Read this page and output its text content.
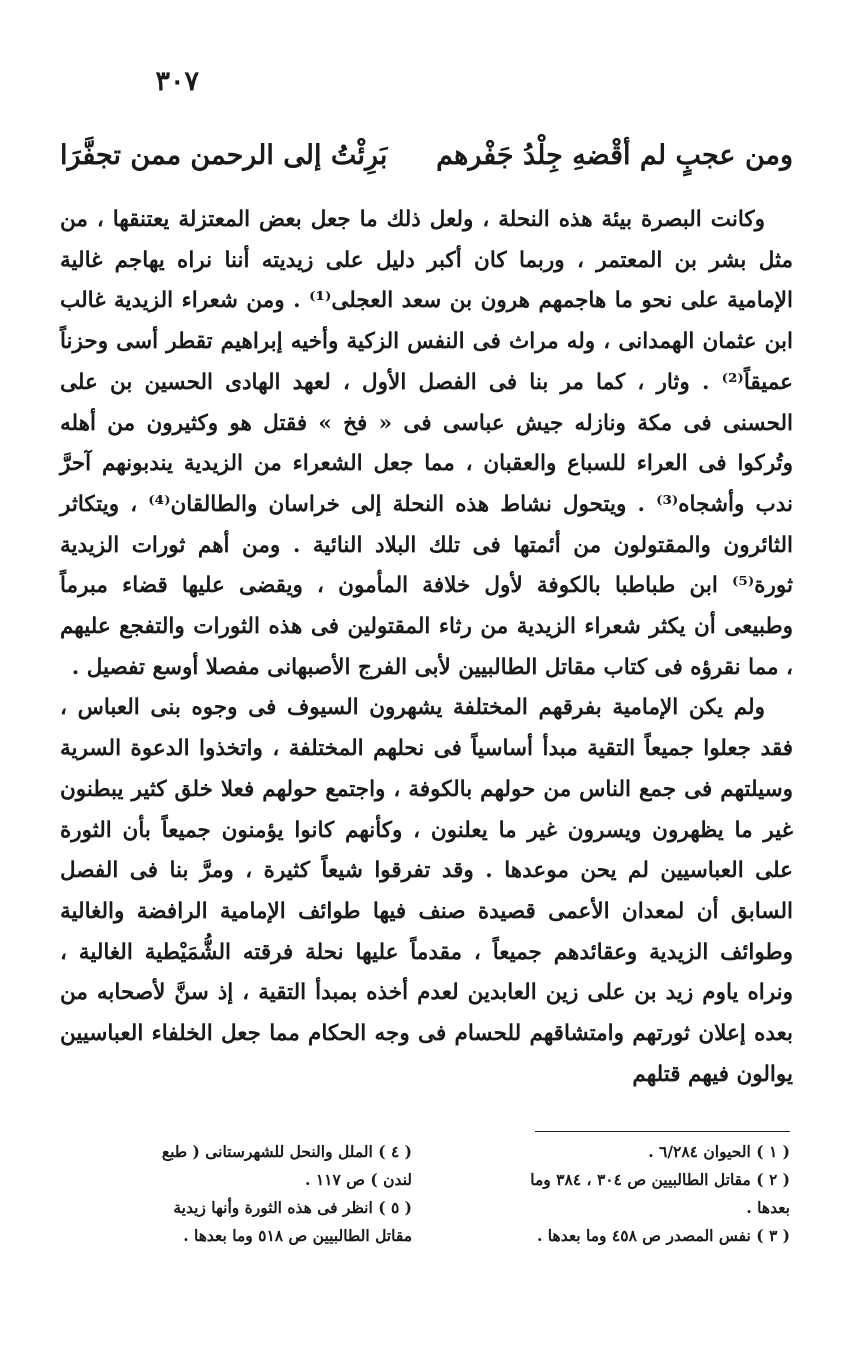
٣٠٧
ومن عجبٍ لم أقْضهِ جِلْدُ جَفْرهم
بَرِئْتُ إلى الرحمن ممن تجفَّرَا

وكانت البصرة بيئة هذه النحلة ، ولعل ذلك ما جعل بعض المعتزلة يعتنقها ، من مثل بشر بن المعتمر ، وربما كان أكبر دليل على زيديته أننا نراه يهاجم غالية الإمامية على نحو ما هاجمهم هرون بن سعد العجلى⁽¹⁾ . ومن شعراء الزيدية غالب ابن عثمان الهمدانى ، وله مراث فى النفس الزكية وأخيه إبراهيم تقطر أسى وحزناً عميقاً⁽²⁾ . وثار ، كما مر بنا فى الفصل الأول ، لعهد الهادى الحسين بن على الحسنى فى مكة ونازله جيش عباسى فى « فخ » فقتل هو وكثيرون من أهله وتُركوا فى العراء للسباع والعقبان ، مما جعل الشعراء من الزيدية يندبونهم آحرَّ ندب وأشجاه⁽³⁾ . ويتحول نشاط هذه النحلة إلى خراسان والطالقان⁽⁴⁾ ، ويتكاثر الثائرون والمقتولون من أئمتها فى تلك البلاد النائية . ومن أهم ثورات الزيدية ثورة⁽⁵⁾ ابن طباطبا بالكوفة لأول خلافة المأمون ، ويقضى عليها قضاء مبرماً وطبيعى أن يكثر شعراء الزيدية من رثاء المقتولين فى هذه الثورات والتفجع عليهم ، مما نقرؤه فى كتاب مقاتل الطالبيين لأبى الفرج الأصبهانى مفصلا أوسع تفصيل .

ولم يكن الإمامية بفرقهم المختلفة يشهرون السيوف فى وجوه بنى العباس ، فقد جعلوا جميعاً التقية مبدأ أساسياً فى نحلهم المختلفة ، واتخذوا الدعوة السرية وسيلتهم فى جمع الناس من حولهم بالكوفة ، واجتمع حولهم فعلا خلق كثير يبطنون غير ما يظهرون ويسرون غير ما يعلنون ، وكأنهم كانوا يؤمنون جميعاً بأن الثورة على العباسيين لم يحن موعدها . وقد تفرقوا شيعاً كثيرة ، ومرَّ بنا فى الفصل السابق أن لمعدان الأعمى قصيدة صنف فيها طوائف الإمامية الرافضة والغالية وطوائف الزيدية وعقائدهم جميعاً ، مقدماً عليها نحلة فرقته الشُّمَيْطية الغالية ، ونراه ياوم زيد بن على زين العابدين لعدم أخذه بمبدأ التقية ، إذ سنَّ لأصحابه من بعده إعلان ثورتهم وامتشاقهم للحسام فى وجه الحكام مما جعل الخلفاء العباسيين يوالون فيهم قتلهم

( ١ ) الحيوان ٦/٢٨٤ .

( ٢ ) مقاتل الطالبيين ص ٣٠٤ ، ٣٨٤ وما بعدها .

( ٣ ) نفس المصدر ص ٤٥٨ وما بعدها .

( ٤ ) الملل والنحل للشهرستانى ( طبع لندن ) ص ١١٧ .

( ٥ ) انظر فى هذه الثورة وأنها زيدية مقاتل الطالبيين ص ٥١٨ وما بعدها .
